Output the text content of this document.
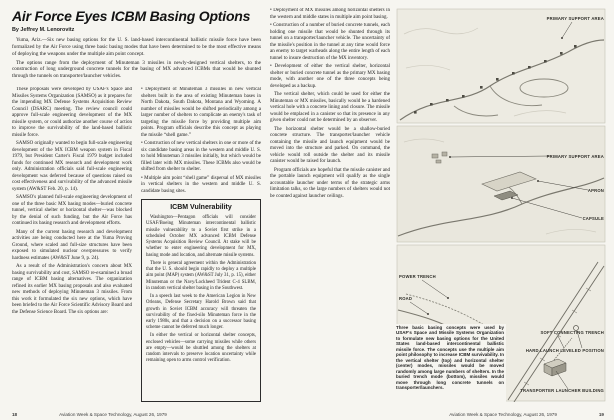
Air Force Eyes ICBM Basing Options
By Jeffrey M. Lenorovitz

Yuma, Ariz.—Six new basing options for the U. S. land-based intercontinental ballistic missile force have been formalized by the Air Force using three basic basing modes that have been determined to be the most effective means of deploying the weapons under the multiple aim point concept.

The options range from the deployment of Minuteman 3 missiles in newly-designed vertical shelters, to the construction of long underground concrete tunnels for the basing of MX advanced ICBMs that would be shunted through the tunnels on transporter/launcher vehicles.

These proposals were developed by USAF's Space and Missiles Systems Organization (SAMSO) as it prepares for the impending MX Defense Systems Acquisition Review Council (DSARC) meeting. The review council could approve full-scale engineering development of the MX missile system, or could authorize another course of action to improve the survivability of the land-based ballistic missile force.

SAMSO originally wanted to begin full-scale engineering development of the MX ICBM weapon system in Fiscal 1979, but President Carter's Fiscal 1979 budget included funds for continued MX research and development work only. Administration officials said full-scale engineering development was deferred because of questions raised on cost effectiveness and survivability of the advanced missile system (AW&ST Feb. 20, p. 14).

SAMSO's planned full-scale engineering development of one of the three basic MX basing modes—buried concrete tunnel, vertical shelter or horizontal shelter—was blocked by the denial of such funding, but the Air Force has continued its basing research and development efforts.

Many of the current basing research and development activities are being conducted here at the Yuma Proving Ground, where scaled and full-size structures have been exposed to simulated nuclear overpressures to verify hardness estimates (AW&ST June 9, p. 24).

As a result of the Administration's concern about MX basing survivability and cost, SAMSO re-examined a broad range of ICBM basing alternatives. The organization refined its earlier MX basing proposals and also evaluated new methods of deploying Minuteman 3 missiles. From this work it formulated the six new options, which have been briefed to the Air Force Scientific Advisory Board and the Defense Science Board. The six options are:

• Deployment of Minuteman 3 missiles in new vertical shelters built in the area of existing Minuteman bases in North Dakota, South Dakota, Montana and Wyoming. A number of missiles would be shifted periodically among a larger number of shelters to complicate an enemy's task of targeting the missile force by providing multiple aim points. Program officials describe this concept as playing the missile “shell game.”

• Construction of new vertical shelters in one or more of the six candidate basing areas in the western and middle U. S. to hold Minuteman 3 missiles initially, but which would be filled later with MX missiles. These ICBMs also would be shifted from shelter to shelter.

• Multiple aim point “shell game” dispersal of MX missiles in vertical shelters in the western and middle U. S. candidate basing sites.

ICBM Vulnerability

Washington—Pentagon officials will consider USAF/Boeing Minuteman intercontinental ballistic missile vulnerability to a Soviet first strike in a scheduled October MX advanced ICBM Defense Systems Acquisition Review Council. At stake will be whether to enter engineering development for MX, basing mode and location, and alternate missile systems.

There is general agreement within the Administration that the U. S. should begin rapidly to deploy a multiple aim point (MAP) system (AW&ST July 31, p. 15), either Minuteman or the Navy/Lockheed Trident C-4 SLBM, in random vertical shelter basing in the Southwest.

In a speech last week to the American Legion in New Orleans, Defense Secretary Harold Brown said that growth in Soviet ICBM accuracy will threaten the survivability of the fixed-silo Minuteman force in the early 1980s, and that a decision on a successor basing scheme cannot be deferred much longer.

In either the vertical or horizontal shelter concepts, enclosed vehicles—some carrying missiles while others are empty—would be shuttled among the shelters at random intervals to preserve location uncertainty while remaining open to arms control verification.

• Deployment of MX missiles among horizontal shelters in the western and middle states in multiple aim point basing.

• Construction of a number of buried concrete tunnels, each holding one missile that would be shunted through its tunnel on a transporter/launcher vehicle. The uncertainty of the missile's position in the tunnel at any time would force an enemy to target warheads along the entire length of each tunnel to insure destruction of the MX inventory.

• Development of either the vertical shelter, horizontal shelter or buried concrete tunnel as the primary MX basing mode, with another one of the three concepts being developed as a backup.

The vertical shelter, which could be used for either the Minuteman or MX missiles, basically would be a hardened vertical hole with a concrete lining and closure. The missile would be emplaced in a canister so that its presence in any given shelter could not be determined by an observer.

The horizontal shelter would be a shallow-buried concrete structure. The transporter/launcher vehicle containing the missile and launch equipment would be moved into the structure and parked. On command, the vehicle would roll outside the shelter and its missile canister would be raised for launch.

Program officials are hopeful that the missile canister and the portable launch equipment will qualify as the single accountable launcher under terms of the strategic arms limitation talks, so the large numbers of shelters would not be counted against launcher ceilings.

PRIMARY SUPPORT AREA
PRIMARY SUPPORT AREA
APRON
CAPSULE
POWER TRENCH
ROAD
SOFT CONNECTING TRENCH
HARD LAUNCH LEVELED POSITION
TRANSPORTER LAUNCHER BUILDING
Three basic basing concepts were used by USAF's Space and Missile Systems Organization to formulate new basing options for the United States land-based intercontinental ballistic missile force. The concepts use the multiple aim point philosophy to increase ICBM survivability. In the vertical shelter (top) and horizontal shelter (center) modes, missiles would be moved randomly among large numbers of shelters. In the buried trench mode (bottom), missiles would move through long concrete tunnels on transporter/launchers.
18	Aviation Week & Space Technology, August 26, 1979	Aviation Week & Space Technology, August 26, 1979	19
